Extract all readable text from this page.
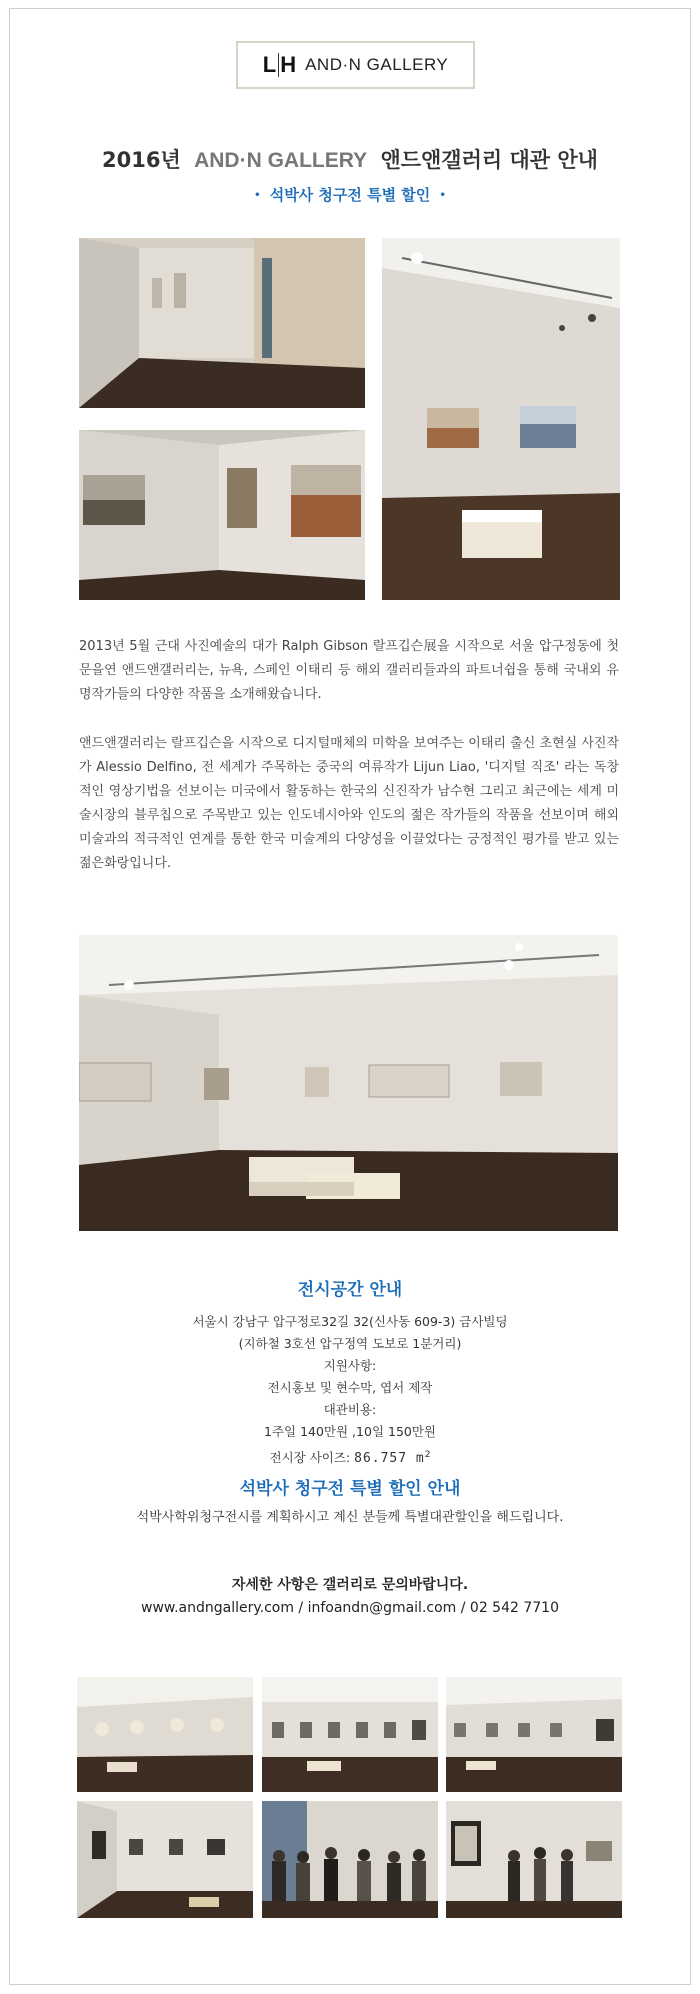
L H AND·N GALLERY
2016년 AND·N GALLERY 앤드앤갤러리 대관 안내
• 석박사 청구전 특별 할인 •
2013년 5월 근대 사진예술의 대가 Ralph Gibson 랄프깁슨展을 시작으로 서울 압구정동에 첫 문을연 앤드앤갤러리는, 뉴욕, 스페인 이태리 등 해외 갤러리들과의 파트너쉽을 통해 국내외 유명작가들의 다양한 작품을 소개해왔습니다.
앤드앤갤러리는 랄프깁슨을 시작으로 디지털매체의 미학을 보여주는 이태리 출신 초현실 사진작가 Alessio Delfino, 전 세계가 주목하는 중국의 여류작가 Lijun Liao, '디지털 직조' 라는 독창적인 영상기법을 선보이는 미국에서 활동하는 한국의 신진작가 남수현 그리고 최근에는 세계 미술시장의 블루칩으로 주목받고 있는 인도네시아와 인도의 젊은 작가들의 작품을 선보이며 해외미술과의 적극적인 연계를 통한 한국 미술계의 다양성을 이끌었다는 긍정적인 평가를 받고 있는 젊은화랑입니다.
전시공간 안내
서울시 강남구 압구정로32길 32(신사동 609-3) 금사빌딩
(지하철 3호선 압구정역 도보로 1분거리)
지원사항:
전시홍보 및 현수막, 엽서 제작
대관비용:
1주일 140만원 ,10일 150만원
전시장 사이즈: 86.757 $m^2$
석박사 청구전 특별 할인 안내
석박사학위청구전시를 계획하시고 계신 분들께 특별대관할인을 해드립니다.
자세한 사항은 갤러리로 문의바랍니다.
www.andngallery.com / infoandn@gmail.com / 02 542 7710
